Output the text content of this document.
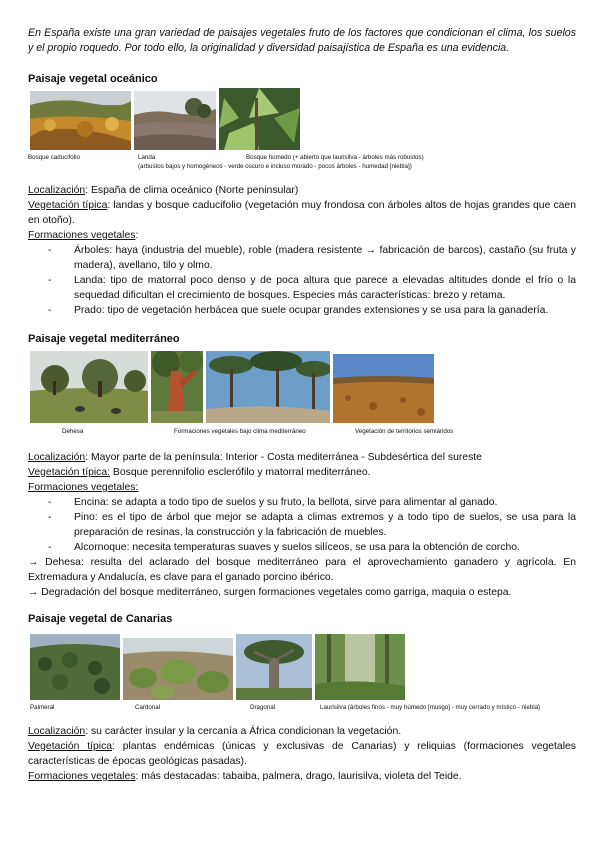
En España existe una gran variedad de paisajes vegetales fruto de los factores que condicionan el clima, los suelos y el propio roquedo. Por todo ello, la originalidad y diversidad paisajística de España es una evidencia.

Paisaje vegetal oceánico
Bosque caducifolio	Landa	Bosque húmedo (+ abierto que laurisilva - árboles más robustos)
(arbustos bajos y homogéneos - verde oscuro e incluso morado - pocos árboles - humedad [niebla])
Localización: España de clima oceánico (Norte peninsular)
Vegetación típica: landas y bosque caducifolio (vegetación muy frondosa con árboles altos de hojas grandes que caen en otoño).
Formaciones vegetales:
- Árboles: haya (industria del mueble), roble (madera resistente → fabricación de barcos), castaño (su fruta y madera), avellano, tilo y olmo.
- Landa: tipo de matorral poco denso y de poca altura que parece a elevadas altitudes donde el frío o la sequedad dificultan el crecimiento de bosques. Especies más características: brezo y retama.
- Prado: tipo de vegetación herbácea que suele ocupar grandes extensiones y se usa para la ganadería.
Paisaje vegetal mediterráneo
Dehesa	Formaciones vegetales bajo clima mediterráneo	Vegetación de territorios semiáridos
Localización: Mayor parte de la península: Interior - Costa mediterránea - Subdesértica del sureste
Vegetación típica: Bosque perennifolio esclerófilo y matorral mediterráneo.
Formaciones vegetales:
- Encina: se adapta a todo tipo de suelos y su fruto, la bellota, sirve para alimentar al ganado.
- Pino: es el tipo de árbol que mejor se adapta a climas extremos y a todo tipo de suelos, se usa para la preparación de resinas, la construcción y la fabricación de muebles.
- Alcornoque: necesita temperaturas suaves y suelos silíceos, se usa para la obtención de corcho.
→ Dehesa: resulta del aclarado del bosque mediterráneo para el aprovechamiento ganadero y agrícola. En Extremadura y Andalucía, es clave para el ganado porcino ibérico.
→ Degradación del bosque mediterráneo, surgen formaciones vegetales como garriga, maquia o estepa.
Paisaje vegetal de Canarias
Palmeral	Cardonal	Dragonal	Laurisilva (árboles finos - muy húmedo [musgo] - muy cerrado y místico - niebla)
Localización: su carácter insular y la cercanía a África condicionan la vegetación.
Vegetación típica: plantas endémicas (únicas y exclusivas de Canarias) y reliquias (formaciones vegetales características de épocas geológicas pasadas).
Formaciones vegetales: más destacadas: tabaiba, palmera, drago, laurisilva, violeta del Teide.
